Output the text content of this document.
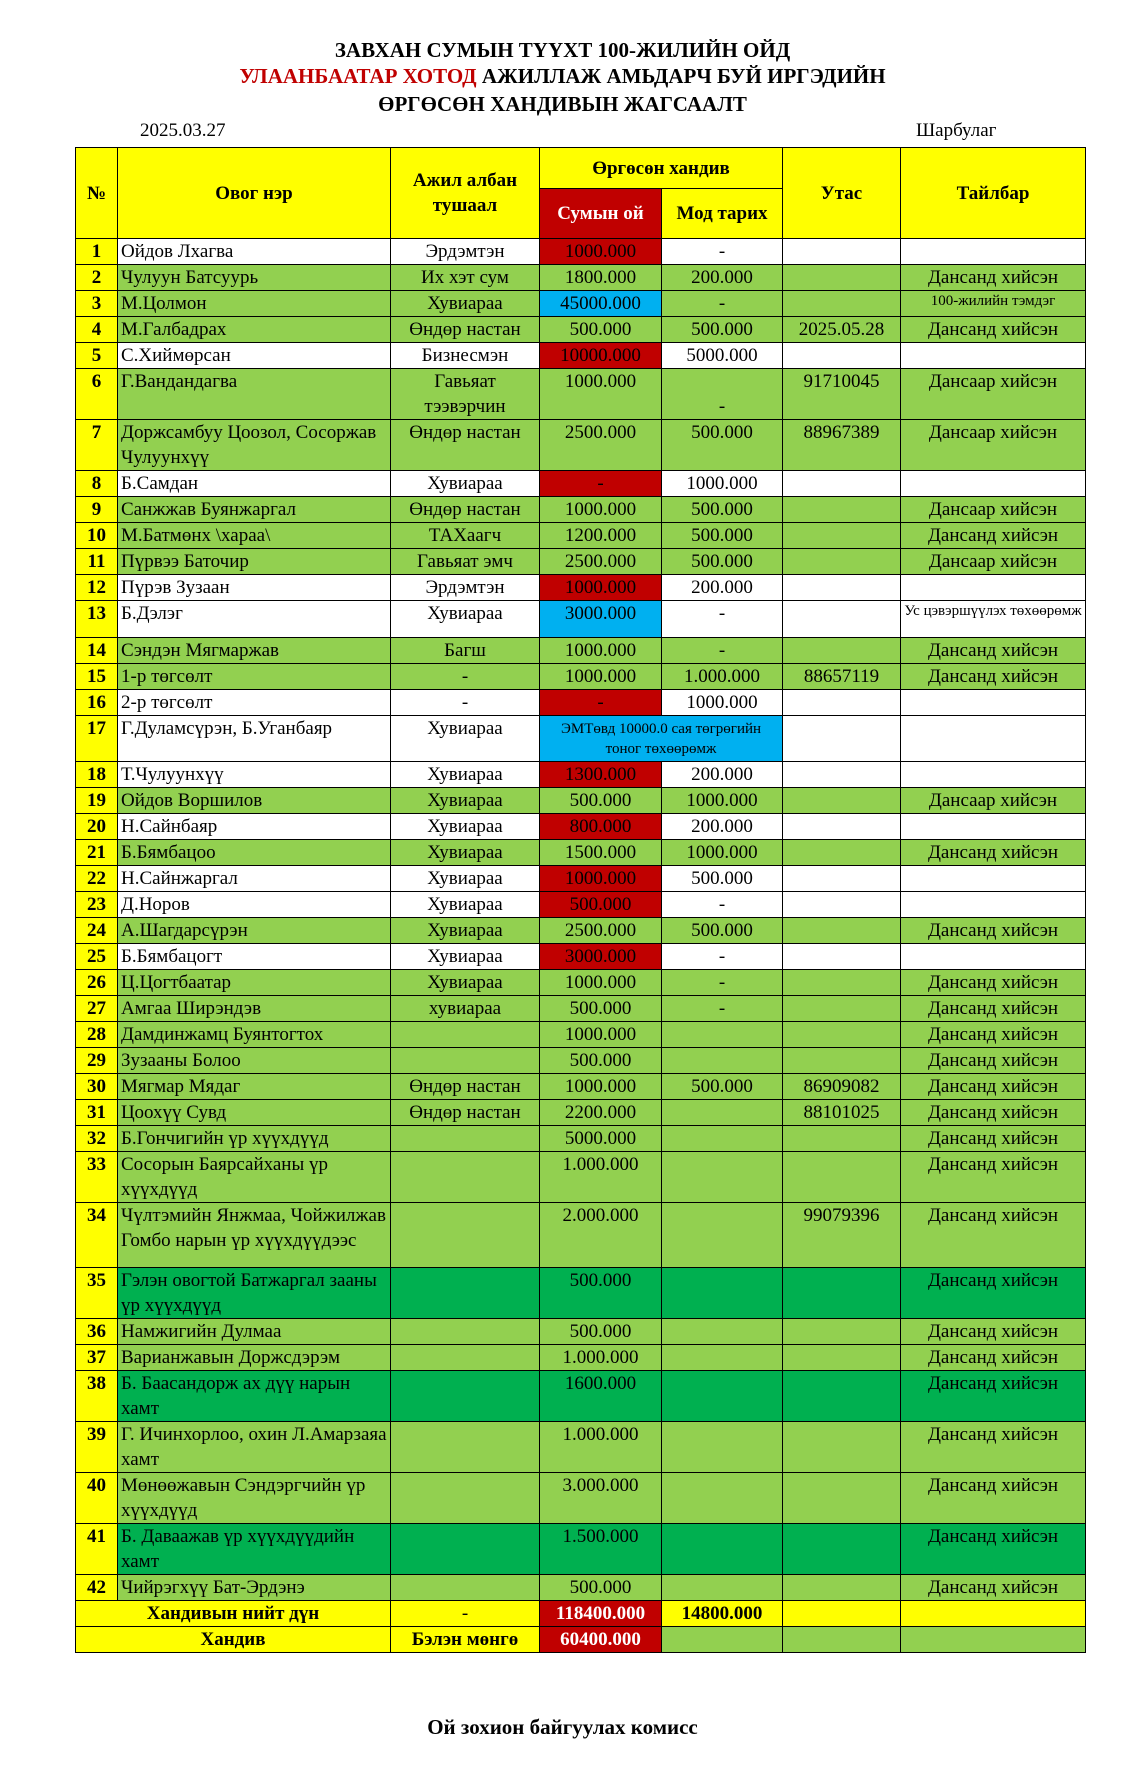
ЗАВХАН СУМЫН ТҮҮХТ 100-ЖИЛИЙН ОЙД
УЛААНБААТАР ХОТОД АЖИЛЛАЖ АМЬДАРЧ БУЙ ИРГЭДИЙН
ӨРГӨСӨН ХАНДИВЫН ЖАГСААЛТ
2025.03.27	Шарбулаг
№	Овог нэр	Ажил албан тушаал	Өргөсөн хандив		Утас	Тайлбар
			Сумын ой	Мод тарих		
1	Ойдов Лхагва	Эрдэмтэн	1000.000	-		
2	Чулуун Батсуурь	Их хэт сум	1800.000	200.000		Дансанд хийсэн
3	М.Цолмон	Хувиараа	45000.000	-		100-жилийн тэмдэг
4	М.Галбадрах	Өндөр настан	500.000	500.000	2025.05.28	Дансанд хийсэн
5	С.Хиймөрсан	Бизнесмэн	10000.000	5000.000		
6	Г.Вандандагва	Гавьяат тээвэрчин	1000.000	-	91710045	Дансаар хийсэн
7	Доржсамбуу Цоозол, Сосоржав Чулуунхүү	Өндөр настан	2500.000	500.000	88967389	Дансаар хийсэн
8	Б.Самдан	Хувиараа	-	1000.000		
9	Санжжав Буянжаргал	Өндөр настан	1000.000	500.000		Дансаар хийсэн
10	М.Батмөнх \хараа\	ТАХаагч	1200.000	500.000		Дансанд хийсэн
11	Пүрвээ Баточир	Гавьяат эмч	2500.000	500.000		Дансаар хийсэн
12	Пүрэв Зузаан	Эрдэмтэн	1000.000	200.000		
13	Б.Дэлэг	Хувиараа	3000.000	-		Ус цэвэршүүлэх төхөөрөмж
14	Сэндэн Мягмаржав	Багш	1000.000	-		Дансанд хийсэн
15	1-р төгсөлт	-	1000.000	1.000.000	88657119	Дансанд хийсэн
16	2-р төгсөлт	-	-	1000.000		
17	Г.Дуламсүрэн, Б.Уганбаяр	Хувиараа	ЭМТөвд 10000.0 сая төгрөгийн тоног төхөөрөмж			
18	Т.Чулуунхүү	Хувиараа	1300.000	200.000		
19	Ойдов Воршилов	Хувиараа	500.000	1000.000		Дансаар хийсэн
20	Н.Сайнбаяр	Хувиараа	800.000	200.000		
21	Б.Бямбацоо	Хувиараа	1500.000	1000.000		Дансанд хийсэн
22	Н.Сайнжаргал	Хувиараа	1000.000	500.000		
23	Д.Норов	Хувиараа	500.000	-		
24	А.Шагдарсүрэн	Хувиараа	2500.000	500.000		Дансанд хийсэн
25	Б.Бямбацогт	Хувиараа	3000.000	-		
26	Ц.Цогтбаатар	Хувиараа	1000.000	-		Дансанд хийсэн
27	Амгаа Ширэндэв	хувиараа	500.000	-		Дансанд хийсэн
28	Дамдинжамц Буянтогтох		1000.000			Дансанд хийсэн
29	Зузааны Болоо		500.000			Дансанд хийсэн
30	Мягмар Мядаг	Өндөр настан	1000.000	500.000	86909082	Дансанд хийсэн
31	Цоохүү Сувд	Өндөр настан	2200.000		88101025	Дансанд хийсэн
32	Б.Гончигийн үр хүүхдүүд		5000.000			Дансанд хийсэн
33	Сосорын Баярсайханы үр хүүхдүүд		1.000.000			Дансанд хийсэн
34	Чүлтэмийн Янжмаа, Чойжилжав Гомбо нарын үр хүүхдүүдээс		2.000.000		99079396	Дансанд хийсэн
35	Гэлэн овогтой Батжаргал зааны үр хүүхдүүд		500.000			Дансанд хийсэн
36	Намжигийн Дулмаа		500.000			Дансанд хийсэн
37	Варианжавын Доржсдэрэм		1.000.000			Дансанд хийсэн
38	Б. Баасандорж ах дүү нарын хамт		1600.000			Дансанд хийсэн
39	Г. Ичинхорлоо, охин Л.Амарзаяа хамт		1.000.000			Дансанд хийсэн
40	Мөнөөжавын Сэндэргчийн үр хүүхдүүд		3.000.000			Дансанд хийсэн
41	Б. Даваажав үр хүүхдүүдийн хамт		1.500.000			Дансанд хийсэн
42	Чийрэгхүү Бат-Эрдэнэ		500.000			Дансанд хийсэн
Хандивын нийт дүн		-	118400.000	14800.000		
Хандив		Бэлэн мөнгө	60400.000			
Ой зохион байгуулах комисс
